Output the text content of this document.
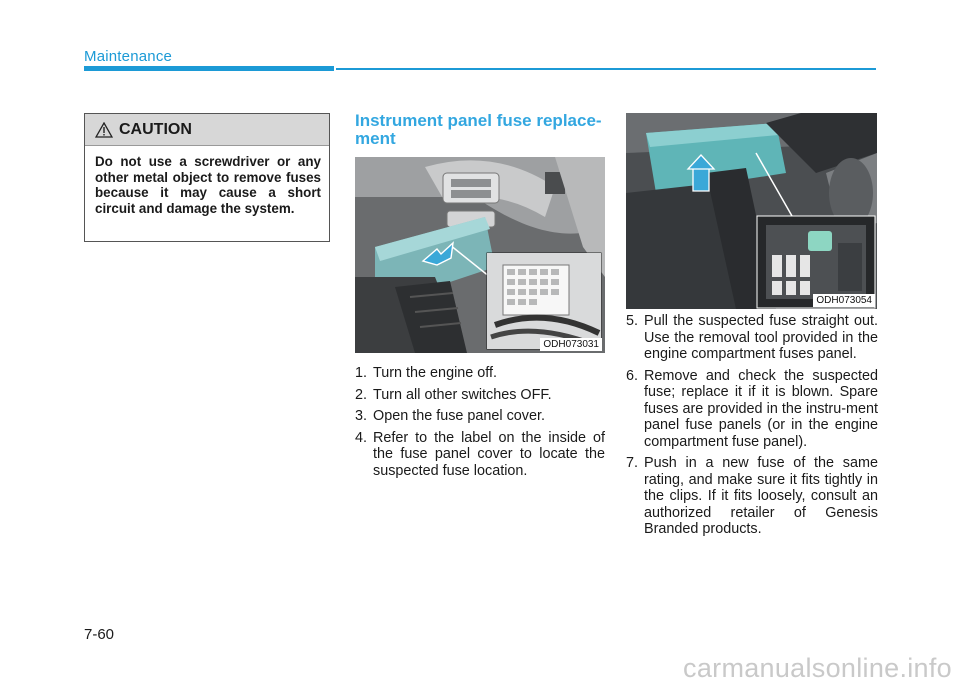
Maintenance
CAUTION
Do not use a screwdriver or any other metal object to remove fuses because it may cause a short circuit and damage the system.
Instrument panel fuse replace-ment
ODH073031
ODH073054
1. Turn the engine off.
2. Turn all other switches OFF.
3. Open the fuse panel cover.
4. Refer to the label on the inside of the fuse panel cover to locate the suspected fuse location.
5. Pull the suspected fuse straight out. Use the removal tool provided in the engine compartment fuses panel.
6. Remove and check the suspected fuse; replace it if it is blown. Spare fuses are provided in the instru-ment panel fuse panels (or in the engine compartment fuse panel).
7. Push in a new fuse of the same rating, and make sure it fits tightly in the clips. If it fits loosely, consult an authorized retailer of Genesis Branded products.
7-60
carmanualsonline.info
